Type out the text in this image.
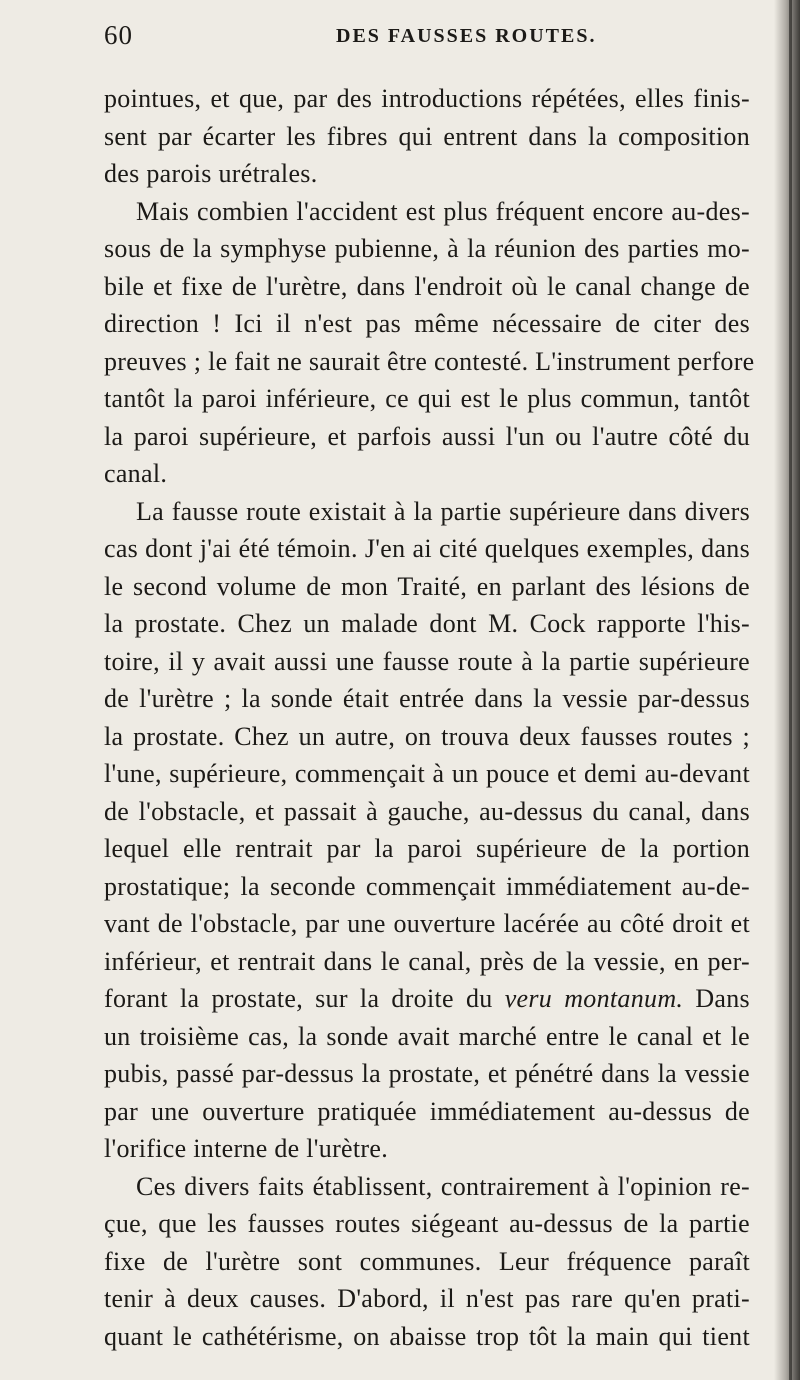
60	DES FAUSSES ROUTES.
pointues, et que, par des introductions répétées, elles finis-
sent par écarter les fibres qui entrent dans la composition
des parois urétrales.
Mais combien l'accident est plus fréquent encore au-des-
sous de la symphyse pubienne, à la réunion des parties mo-
bile et fixe de l'urètre, dans l'endroit où le canal change de
direction ! Ici il n'est pas même nécessaire de citer des
preuves ; le fait ne saurait être contesté. L'instrument perfore
tantôt la paroi inférieure, ce qui est le plus commun, tantôt
la paroi supérieure, et parfois aussi l'un ou l'autre côté du
canal.
La fausse route existait à la partie supérieure dans divers
cas dont j'ai été témoin. J'en ai cité quelques exemples, dans
le second volume de mon Traité, en parlant des lésions de
la prostate. Chez un malade dont M. Cock rapporte l'his-
toire, il y avait aussi une fausse route à la partie supérieure
de l'urètre ; la sonde était entrée dans la vessie par-dessus
la prostate. Chez un autre, on trouva deux fausses routes ;
l'une, supérieure, commençait à un pouce et demi au-devant
de l'obstacle, et passait à gauche, au-dessus du canal, dans
lequel elle rentrait par la paroi supérieure de la portion
prostatique; la seconde commençait immédiatement au-de-
vant de l'obstacle, par une ouverture lacérée au côté droit et
inférieur, et rentrait dans le canal, près de la vessie, en per-
forant la prostate, sur la droite du veru montanum. Dans
un troisième cas, la sonde avait marché entre le canal et le
pubis, passé par-dessus la prostate, et pénétré dans la vessie
par une ouverture pratiquée immédiatement au-dessus de
l'orifice interne de l'urètre.
Ces divers faits établissent, contrairement à l'opinion re-
çue, que les fausses routes siégeant au-dessus de la partie
fixe de l'urètre sont communes. Leur fréquence paraît
tenir à deux causes. D'abord, il n'est pas rare qu'en prati-
quant le cathétérisme, on abaisse trop tôt la main qui tient
